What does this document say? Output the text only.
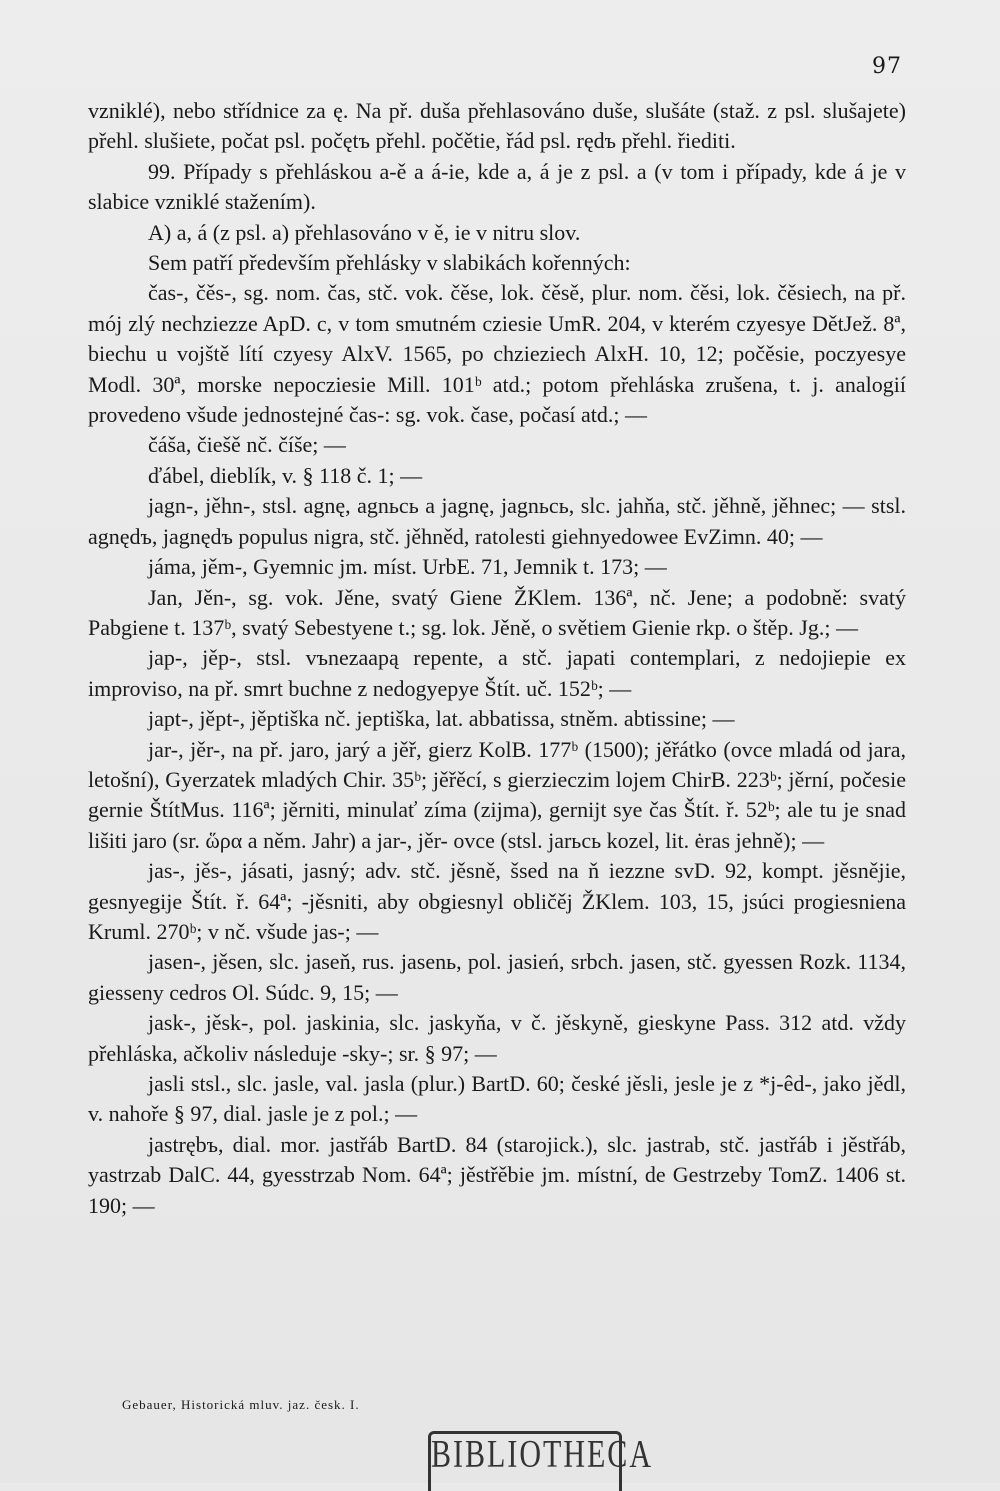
97

vzniklé), nebo střídnice za ę. Na př. duša přehlasováno duše, slušáte (staž. z psl. slušajete) přehl. slušiete, počat psl. počętъ přehl. počětie, řád psl. rędъ přehl. řiediti.

99. Případy s přehláskou a-ě a á-ie, kde a, á je z psl. a (v tom i případy, kde á je v slabice vzniklé stažením).

A) a, á (z psl. a) přehlasováno v ě, ie v nitru slov.

Sem patří především přehlásky v slabikách kořenných:

čas-, čěs-, sg. nom. čas, stč. vok. čěse, lok. čěsě, plur. nom. čěsi, lok. čěsiech, na př. mój zlý nechziezze ApD. c, v tom smutném cziesie UmR. 204, v kterém czyesye DětJež. 8ª, biechu u vojště lítí czyesy AlxV. 1565, po chzieziech AlxH. 10, 12; počěsie, poczyesye Modl. 30ª, morske nepocziesie Mill. 101ᵇ atd.; potom přehláska zrušena, t. j. analogií provedeno všude jednostejné čas-: sg. vok. čase, počasí atd.; —

čáša, čiešě nč. číše; —

ďábel, dieblík, v. § 118 č. 1; —

jagn-, jěhn-, stsl. agnę, agnьcь a jagnę, jagnьcь, slc. jahňa, stč. jěhně, jěhnec; — stsl. agnędъ, jagnędъ populus nigra, stč. jěhněd, ratolesti giehnyedowee EvZimn. 40; —

jáma, jěm-, Gyemnic jm. míst. UrbE. 71, Jemnik t. 173; —

Jan, Jěn-, sg. vok. Jěne, svatý Giene ŽKlem. 136ª, nč. Jene; a podobně: svatý Pabgiene t. 137ᵇ, svatý Sebestyene t.; sg. lok. Jěně, o světiem Gienie rkp. o štěp. Jg.; —

jap-, jěp-, stsl. vъnezaapą repente, a stč. japati contemplari, z nedojiepie ex improviso, na př. smrt buchne z nedogyepye Štít. uč. 152ᵇ; —

japt-, jěpt-, jěptiška nč. jeptiška, lat. abbatissa, stněm. abtissine; —

jar-, jěr-, na př. jaro, jarý a jěř, gierz KolB. 177ᵇ (1500); jěřátko (ovce mladá od jara, letošní), Gyerzatek mladých Chir. 35ᵇ; jěřěcí, s gierzieczim lojem ChirB. 223ᵇ; jěrní, počesie gernie ŠtítMus. 116ª; jěrniti, minulať zíma (zijma), gernijt sye čas Štít. ř. 52ᵇ; ale tu je snad lišiti jaro (sr. ὥρα a něm. Jahr) a jar-, jěr- ovce (stsl. jarьcь kozel, lit. ėras jehně); —

jas-, jěs-, jásati, jasný; adv. stč. jěsně, šsed na ň iezzne svD. 92, kompt. jěsnějie, gesnyegije Štít. ř. 64ª; -jěsniti, aby obgiesnyl obličěj ŽKlem. 103, 15, jsúci progiesniena Kruml. 270ᵇ; v nč. všude jas-; —

jasen-, jěsen, slc. jaseň, rus. jasenь, pol. jasień, srbch. jasen, stč. gyessen Rozk. 1134, giesseny cedros Ol. Súdc. 9, 15; —

jask-, jěsk-, pol. jaskinia, slc. jaskyňa, v č. jěskyně, gieskyne Pass. 312 atd. vždy přehláska, ačkoliv následuje -sky-; sr. § 97; —

jasli stsl., slc. jasle, val. jasla (plur.) BartD. 60; české jěsli, jesle je z *j-êd-, jako jědl, v. nahoře § 97, dial. jasle je z pol.; —

jastrębъ, dial. mor. jastřáb BartD. 84 (starojick.), slc. jastrab, stč. jastřáb i jěstřáb, yastrzab DalC. 44, gyesstrzab Nom. 64ª; jěstřěbie jm. místní, de Gestrzeby TomZ. 1406 st. 190; —

Gebauer, Historická mluv. jaz. česk. I.
BIBLIOTHECA
